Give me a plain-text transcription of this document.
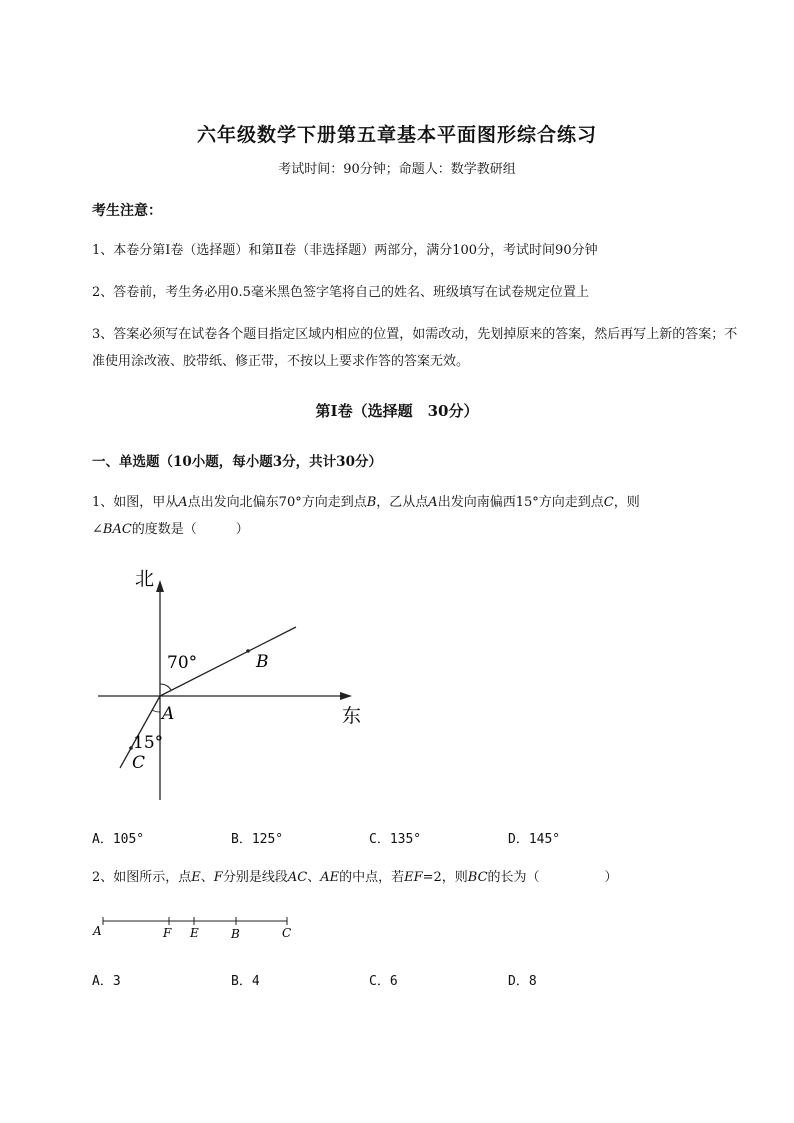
六年级数学下册第五章基本平面图形综合练习
考试时间：90分钟；命题人：数学教研组
考生注意：
1、本卷分第I卷（选择题）和第Ⅱ卷（非选择题）两部分，满分100分，考试时间90分钟
2、答卷前，考生务必用0.5毫米黑色签字笔将自己的姓名、班级填写在试卷规定位置上
3、答案必须写在试卷各个题目指定区域内相应的位置，如需改动，先划掉原来的答案，然后再写上新的答案；不准使用涂改液、胶带纸、修正带，不按以上要求作答的答案无效。
第I卷（选择题　30分）
一、单选题（10小题，每小题3分，共计30分）
1、如图，甲从A点出发向北偏东70°方向走到点B，乙从点A出发向南偏西15°方向走到点C，则
∠BAC的度数是（　　　）
北
东
70°
15°
A
B
C
A	F E	B	C
A．105°	B．125°	C．135°	D．145°
2、如图所示，点E、F分别是线段AC、AE的中点，若EF=2，则BC的长为（　　　　　）
A．3	B．4	C．6	D．8
